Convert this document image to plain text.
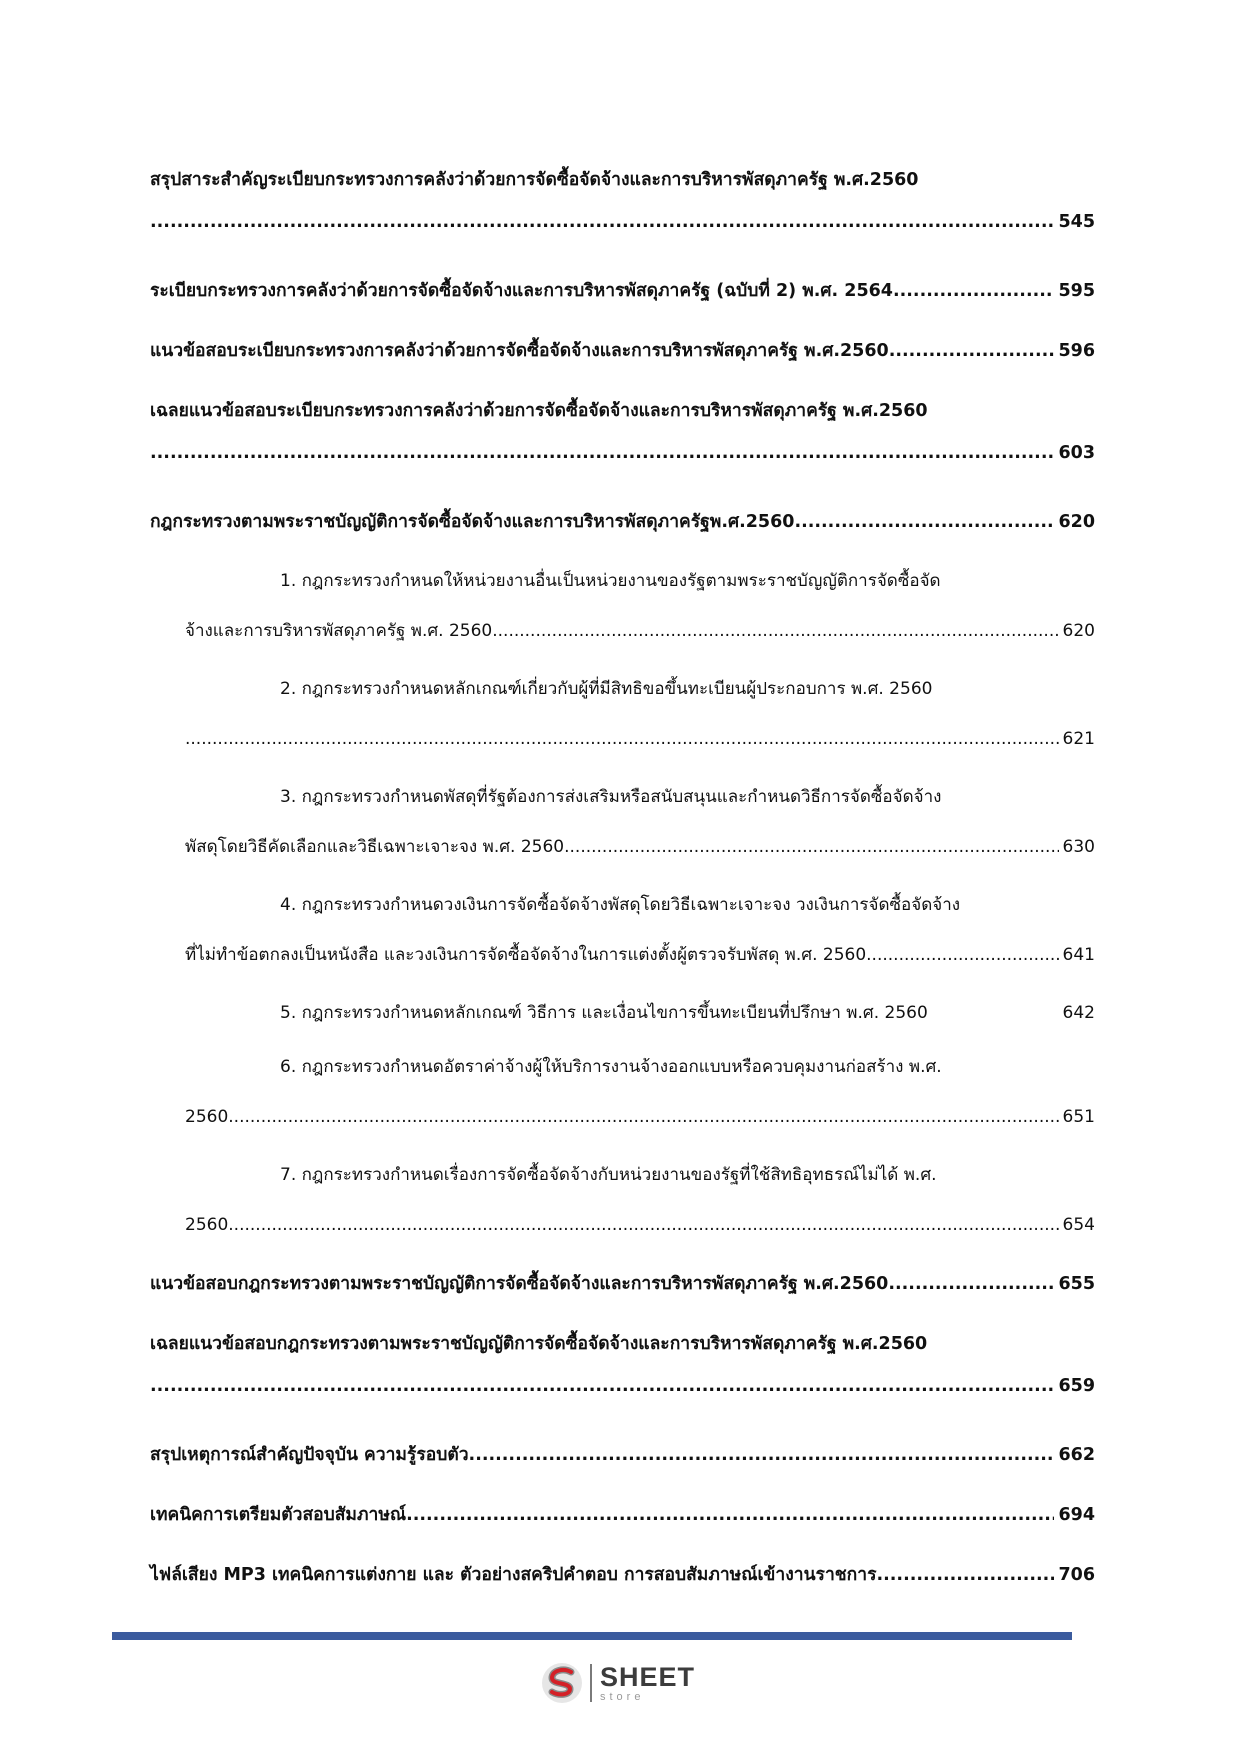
สรุปสาระสำคัญระเบียบกระทรวงการคลังว่าด้วยการจัดซื้อจัดจ้างและการบริหารพัสดุภาครัฐ พ.ศ.2560
.....
545
ระเบียบกระทรวงการคลังว่าด้วยการจัดซื้อจัดจ้างและการบริหารพัสดุภาครัฐ (ฉบับที่ 2) พ.ศ. 2564 .....	595
แนวข้อสอบระเบียบกระทรวงการคลังว่าด้วยการจัดซื้อจัดจ้างและการบริหารพัสดุภาครัฐ พ.ศ.2560 .....	596
เฉลยแนวข้อสอบระเบียบกระทรวงการคลังว่าด้วยการจัดซื้อจัดจ้างและการบริหารพัสดุภาครัฐ พ.ศ.2560
.....
603
กฎกระทรวงตามพระราชบัญญัติการจัดซื้อจัดจ้างและการบริหารพัสดุภาครัฐพ.ศ.2560 .....	620
1. กฎกระทรวงกำหนดให้หน่วยงานอื่นเป็นหน่วยงานของรัฐตามพระราชบัญญัติการจัดซื้อจัด
จ้างและการบริหารพัสดุภาครัฐ พ.ศ. 2560 .....	620
2. กฎกระทรวงกำหนดหลักเกณฑ์เกี่ยวกับผู้ที่มีสิทธิขอขึ้นทะเบียนผู้ประกอบการ พ.ศ. 2560
.....
621
3. กฎกระทรวงกำหนดพัสดุที่รัฐต้องการส่งเสริมหรือสนับสนุนและกำหนดวิธีการจัดซื้อจัดจ้าง
พัสดุโดยวิธีคัดเลือกและวิธีเฉพาะเจาะจง พ.ศ. 2560 .....	630
4. กฎกระทรวงกำหนดวงเงินการจัดซื้อจัดจ้างพัสดุโดยวิธีเฉพาะเจาะจง วงเงินการจัดซื้อจัดจ้าง
ที่ไม่ทำข้อตกลงเป็นหนังสือ และวงเงินการจัดซื้อจัดจ้างในการแต่งตั้งผู้ตรวจรับพัสดุ พ.ศ. 2560 .....	641
5. กฎกระทรวงกำหนดหลักเกณฑ์ วิธีการ และเงื่อนไขการขึ้นทะเบียนที่ปรึกษา พ.ศ. 2560 .....	642
6. กฎกระทรวงกำหนดอัตราค่าจ้างผู้ให้บริการงานจ้างออกแบบหรือควบคุมงานก่อสร้าง พ.ศ.
2560 .....	651
7. กฎกระทรวงกำหนดเรื่องการจัดซื้อจัดจ้างกับหน่วยงานของรัฐที่ใช้สิทธิอุทธรณ์ไม่ได้ พ.ศ.
2560 .....	654
แนวข้อสอบกฎกระทรวงตามพระราชบัญญัติการจัดซื้อจัดจ้างและการบริหารพัสดุภาครัฐ พ.ศ.2560 .....	655
เฉลยแนวข้อสอบกฎกระทรวงตามพระราชบัญญัติการจัดซื้อจัดจ้างและการบริหารพัสดุภาครัฐ พ.ศ.2560
.....
659
สรุปเหตุการณ์สำคัญปัจจุบัน ความรู้รอบตัว .....	662
เทคนิคการเตรียมตัวสอบสัมภาษณ์ .....	694
ไฟล์เสียง MP3 เทคนิคการแต่งกาย และ ตัวอย่างสคริปคำตอบ การสอบสัมภาษณ์เข้างานราชการ .....	706
SHEET
store
